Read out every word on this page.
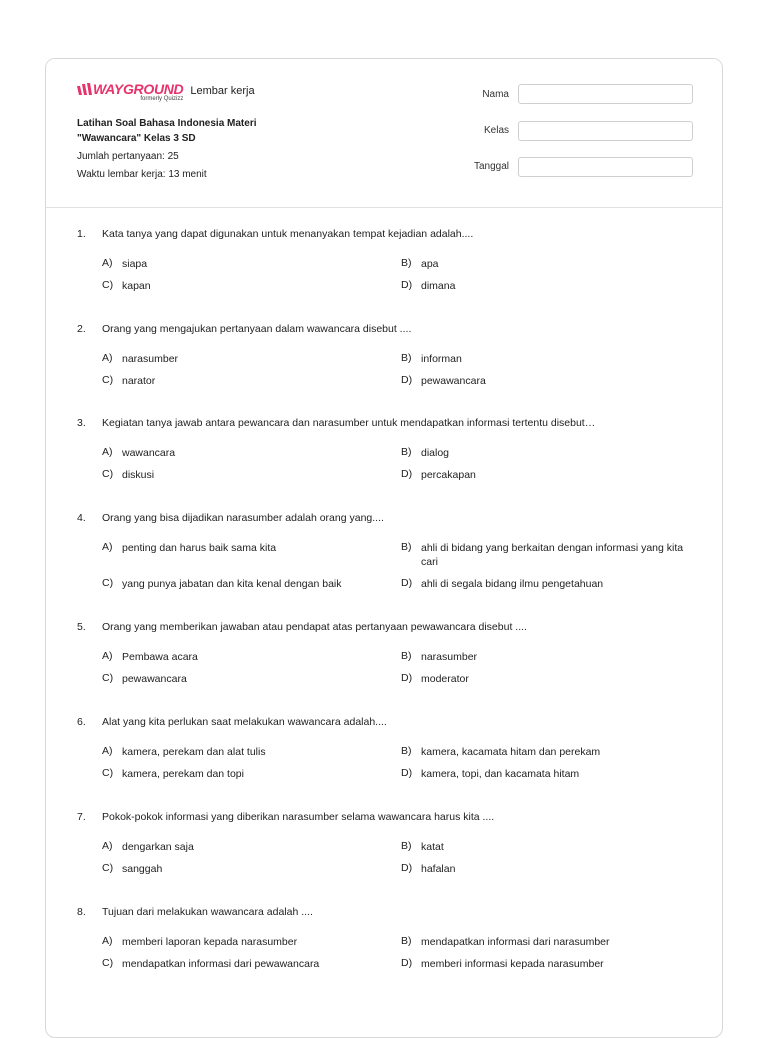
WAYGROUND
formerly Quizizz
Lembar kerja
Latihan Soal Bahasa Indonesia Materi
"Wawancara" Kelas 3 SD
Jumlah pertanyaan: 25
Waktu lembar kerja: 13 menit
Nama
Kelas
Tanggal
1. Kata tanya yang dapat digunakan untuk menanyakan tempat kejadian adalah....
A) siapa	B) apa
C) kapan	D) dimana
2. Orang yang mengajukan pertanyaan dalam wawancara disebut ....
A) narasumber	B) informan
C) narator	D) pewawancara
3. Kegiatan tanya jawab antara pewancara dan narasumber untuk mendapatkan informasi tertentu disebut…
A) wawancara	B) dialog
C) diskusi	D) percakapan
4. Orang yang bisa dijadikan narasumber adalah orang yang....
A) penting dan harus baik sama kita	B) ahli di bidang yang berkaitan dengan informasi yang kita cari
C) yang punya jabatan dan kita kenal dengan baik	D) ahli di segala bidang ilmu pengetahuan
5. Orang yang memberikan jawaban atau pendapat atas pertanyaan pewawancara disebut ....
A) Pembawa acara	B) narasumber
C) pewawancara	D) moderator
6. Alat yang kita perlukan saat melakukan wawancara adalah....
A) kamera, perekam dan alat tulis	B) kamera, kacamata hitam dan perekam
C) kamera, perekam dan topi	D) kamera, topi, dan kacamata hitam
7. Pokok-pokok informasi yang diberikan narasumber selama wawancara harus kita ....
A) dengarkan saja	B) katat
C) sanggah	D) hafalan
8. Tujuan dari melakukan wawancara adalah ....
A) memberi laporan kepada narasumber	B) mendapatkan informasi dari narasumber
C) mendapatkan informasi dari pewawancara	D) memberi informasi kepada narasumber
